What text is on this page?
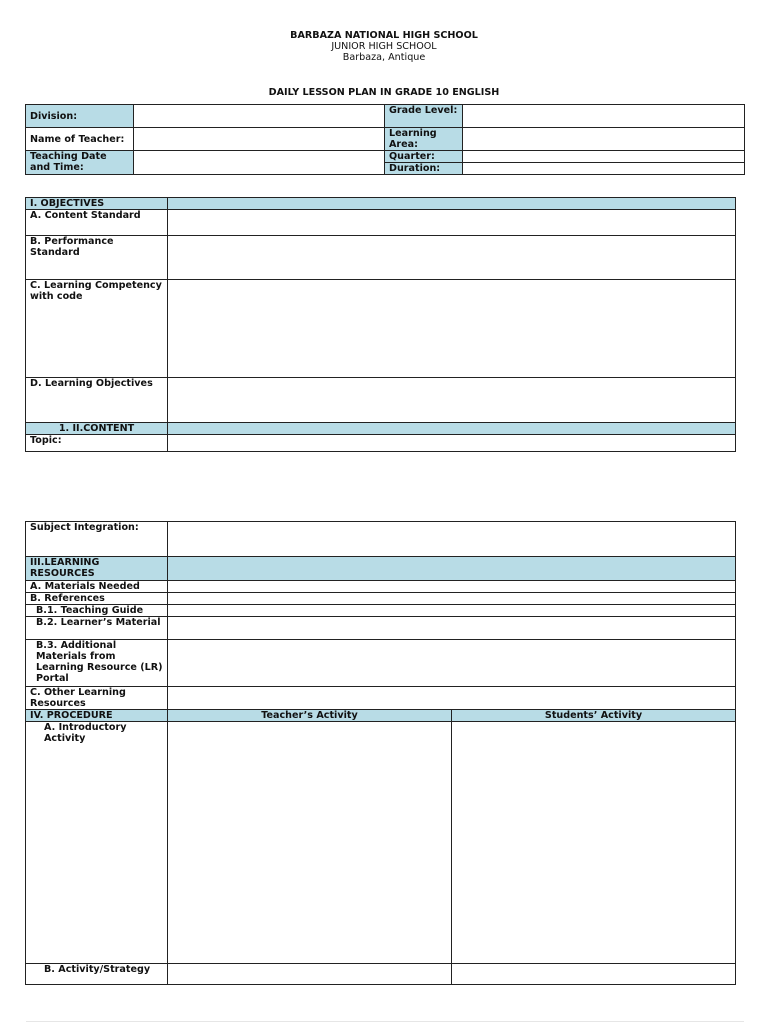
BARBAZA NATIONAL HIGH SCHOOL
JUNIOR HIGH SCHOOL
Barbaza, Antique
DAILY LESSON PLAN IN GRADE 10 ENGLISH
Division:		Grade Level:	
Name of Teacher:		Learning Area:	
Teaching Date and Time:		Quarter:	
		Duration:	
I. OBJECTIVES	
A. Content Standard	
B. Performance Standard	
C. Learning Competency with code	
D. Learning Objectives	
1. II.CONTENT	
Topic:	
Subject Integration:		
III.LEARNING RESOURCES		
A. Materials Needed		
B. References		
B.1. Teaching Guide		
B.2. Learner’s Material		
B.3. Additional Materials from Learning Resource (LR) Portal		
C. Other Learning Resources		
IV. PROCEDURE	Teacher’s Activity	Students’ Activity
A. Introductory Activity		
B. Activity/Strategy		
